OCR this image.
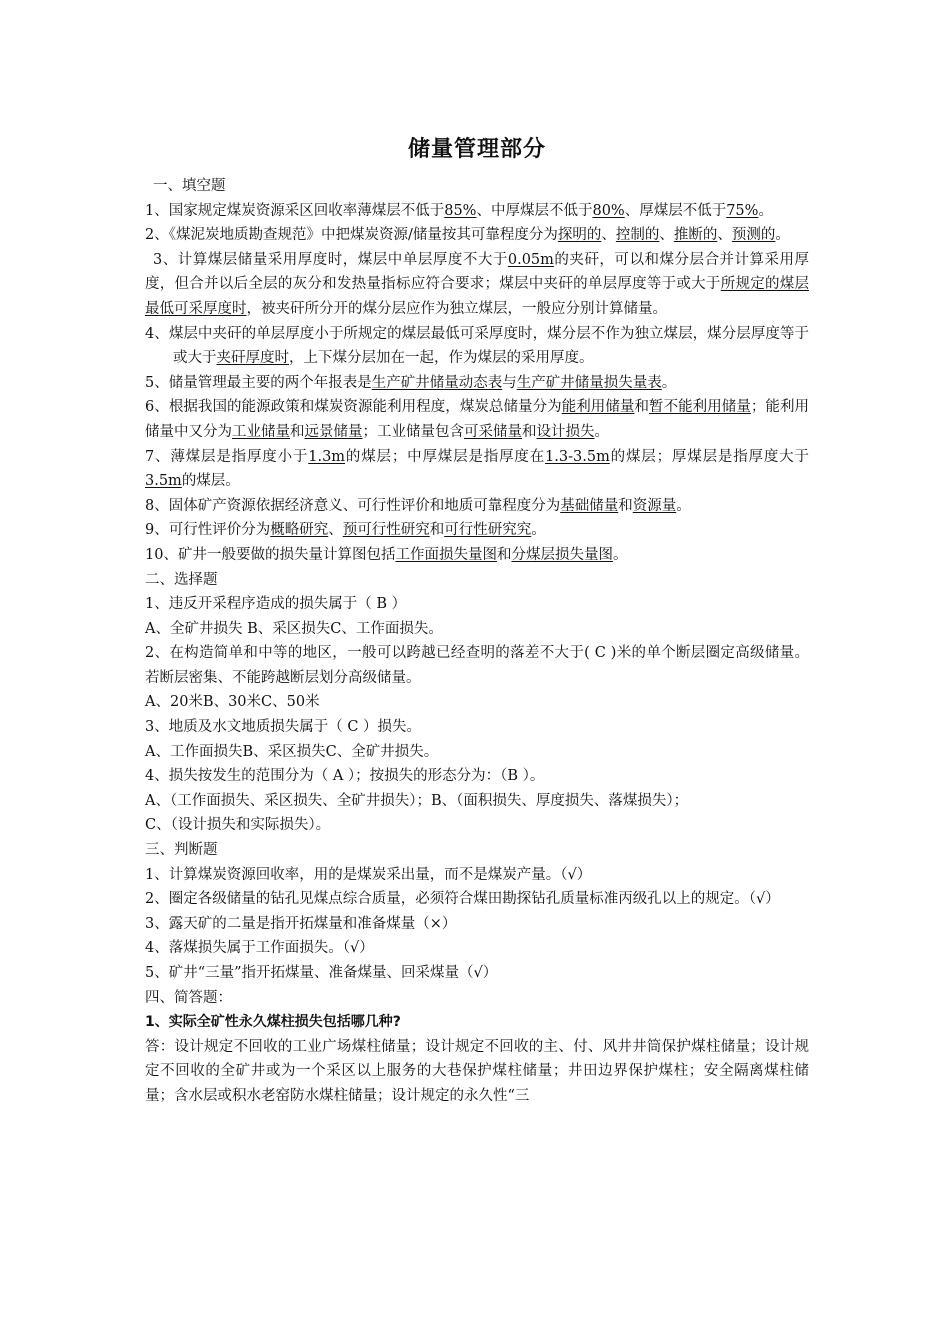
储量管理部分

一、填空题

1、国家规定煤炭资源采区回收率薄煤层不低于85%、中厚煤层不低于80%、厚煤层不低于75%。

2、《煤泥炭地质勘查规范》中把煤炭资源/储量按其可靠程度分为探明的、控制的、推断的、预测的。

3、计算煤层储量采用厚度时，煤层中单层厚度不大于0.05m的夹矸，可以和煤分层合并计算采用厚度，但合并以后全层的灰分和发热量指标应符合要求；煤层中夹矸的单层厚度等于或大于所规定的煤层最低可采厚度时，被夹矸所分开的煤分层应作为独立煤层，一般应分别计算储量。

4、煤层中夹矸的单层厚度小于所规定的煤层最低可采厚度时，煤分层不作为独立煤层，煤分层厚度等于或大于夹矸厚度时，上下煤分层加在一起，作为煤层的采用厚度。

5、储量管理最主要的两个年报表是生产矿井储量动态表与生产矿井储量损失量表。

6、根据我国的能源政策和煤炭资源能利用程度，煤炭总储量分为能利用储量和暂不能利用储量；能利用储量中又分为工业储量和远景储量；工业储量包含可采储量和设计损失。

7、薄煤层是指厚度小于1.3m的煤层；中厚煤层是指厚度在1.3-3.5m的煤层；厚煤层是指厚度大于3.5m的煤层。

8、固体矿产资源依据经济意义、可行性评价和地质可靠程度分为基础储量和资源量。

9、可行性评价分为概略研究、预可行性研究和可行性研究究。

10、矿井一般要做的损失量计算图包括工作面损失量图和分煤层损失量图。

二、选择题

1、违反开采程序造成的损失属于（ B ）

A、全矿井损失 B、采区损失C、工作面损失。

2、在构造简单和中等的地区，一般可以跨越已经查明的落差不大于( C )米的单个断层圈定高级储量。若断层密集、不能跨越断层划分高级储量。

A、20米B、30米C、50米

3、地质及水文地质损失属于（ C ）损失。

A、工作面损失B、采区损失C、全矿井损失。

4、损失按发生的范围分为（ A ）；按损失的形态分为：（B ）。

A、（工作面损失、采区损失、全矿井损失）；B、（面积损失、厚度损失、落煤损失）；

C、（设计损失和实际损失）。

三、判断题

1、计算煤炭资源回收率，用的是煤炭采出量，而不是煤炭产量。（√）

2、圈定各级储量的钻孔见煤点综合质量，必须符合煤田勘探钻孔质量标准丙级孔以上的规定。（√）

3、露天矿的二量是指开拓煤量和准备煤量（×）

4、落煤损失属于工作面损失。（√）

5、矿井“三量”指开拓煤量、准备煤量、回采煤量（√）

四、简答题：

1、实际全矿性永久煤柱损失包括哪几种?

答：设计规定不回收的工业广场煤柱储量；设计规定不回收的主、付、风井井筒保护煤柱储量；设计规定不回收的全矿井或为一个采区以上服务的大巷保护煤柱储量；井田边界保护煤柱；安全隔离煤柱储量；含水层或积水老窑防水煤柱储量；设计规定的永久性“三
